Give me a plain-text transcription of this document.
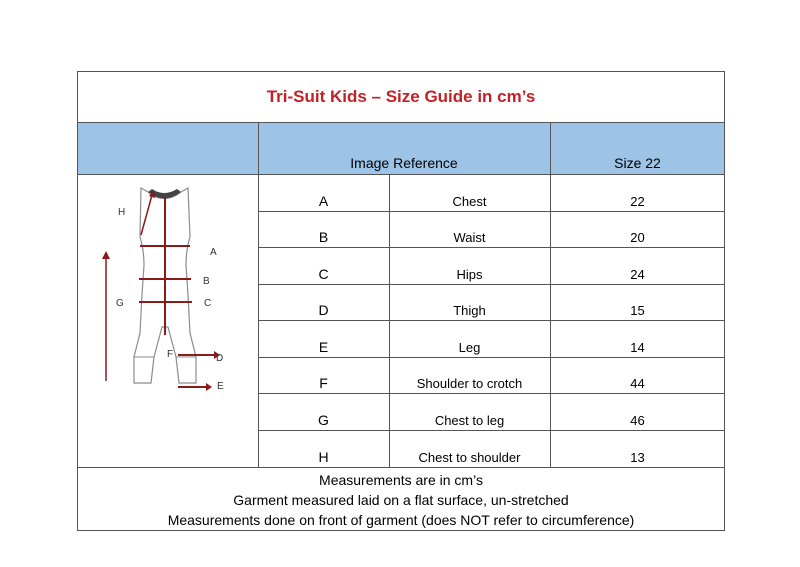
Tri-Suit Kids – Size Guide in cm’s
Image Reference	Size 22
H
A
B
G	C
F	D
E
A	Chest	22
B	Waist	20
C	Hips	24
D	Thigh	15
E	Leg	14
F	Shoulder to crotch	44
G	Chest to leg	46
H	Chest to shoulder	13
Measurements are in cm’s
Garment measured laid on a flat surface, un-stretched
Measurements done on front of garment (does NOT refer to circumference)
